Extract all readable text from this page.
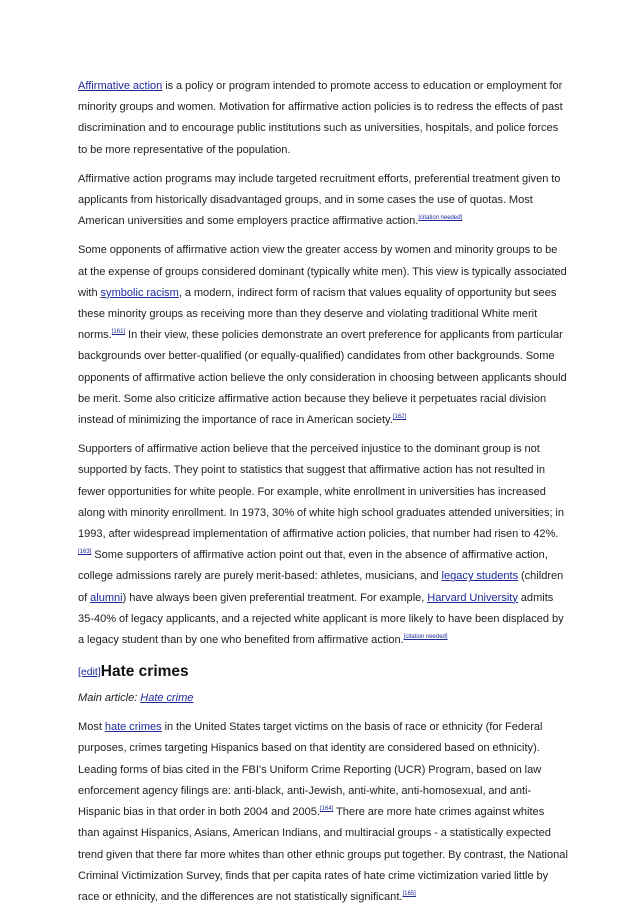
Affirmative action is a policy or program intended to promote access to education or employment for minority groups and women. Motivation for affirmative action policies is to redress the effects of past discrimination and to encourage public institutions such as universities, hospitals, and police forces to be more representative of the population.

Affirmative action programs may include targeted recruitment efforts, preferential treatment given to applicants from historically disadvantaged groups, and in some cases the use of quotas. Most American universities and some employers practice affirmative action.[citation needed]

Some opponents of affirmative action view the greater access by women and minority groups to be at the expense of groups considered dominant (typically white men). This view is typically associated with symbolic racism, a modern, indirect form of racism that values equality of opportunity but sees these minority groups as receiving more than they deserve and violating traditional White merit norms.[161] In their view, these policies demonstrate an overt preference for applicants from particular backgrounds over better-qualified (or equally-qualified) candidates from other backgrounds. Some opponents of affirmative action believe the only consideration in choosing between applicants should be merit. Some also criticize affirmative action because they believe it perpetuates racial division instead of minimizing the importance of race in American society.[162]

Supporters of affirmative action believe that the perceived injustice to the dominant group is not supported by facts. They point to statistics that suggest that affirmative action has not resulted in fewer opportunities for white people. For example, white enrollment in universities has increased along with minority enrollment. In 1973, 30% of white high school graduates attended universities; in 1993, after widespread implementation of affirmative action policies, that number had risen to 42%.[163] Some supporters of affirmative action point out that, even in the absence of affirmative action, college admissions rarely are purely merit-based: athletes, musicians, and legacy students (children of alumni) have always been given preferential treatment. For example, Harvard University admits 35-40% of legacy applicants, and a rejected white applicant is more likely to have been displaced by a legacy student than by one who benefited from affirmative action.[citation needed]

[edit]Hate crimes

Main article: Hate crime

Most hate crimes in the United States target victims on the basis of race or ethnicity (for Federal purposes, crimes targeting Hispanics based on that identity are considered based on ethnicity). Leading forms of bias cited in the FBI's Uniform Crime Reporting (UCR) Program, based on law enforcement agency filings are: anti-black, anti-Jewish, anti-white, anti-homosexual, and anti-Hispanic bias in that order in both 2004 and 2005.[164] There are more hate crimes against whites than against Hispanics, Asians, American Indians, and multiracial groups - a statistically expected trend given that there far more whites than other ethnic groups put together. By contrast, the National Criminal Victimization Survey, finds that per capita rates of hate crime victimization varied little by race or ethnicity, and the differences are not statistically significant.[165]
